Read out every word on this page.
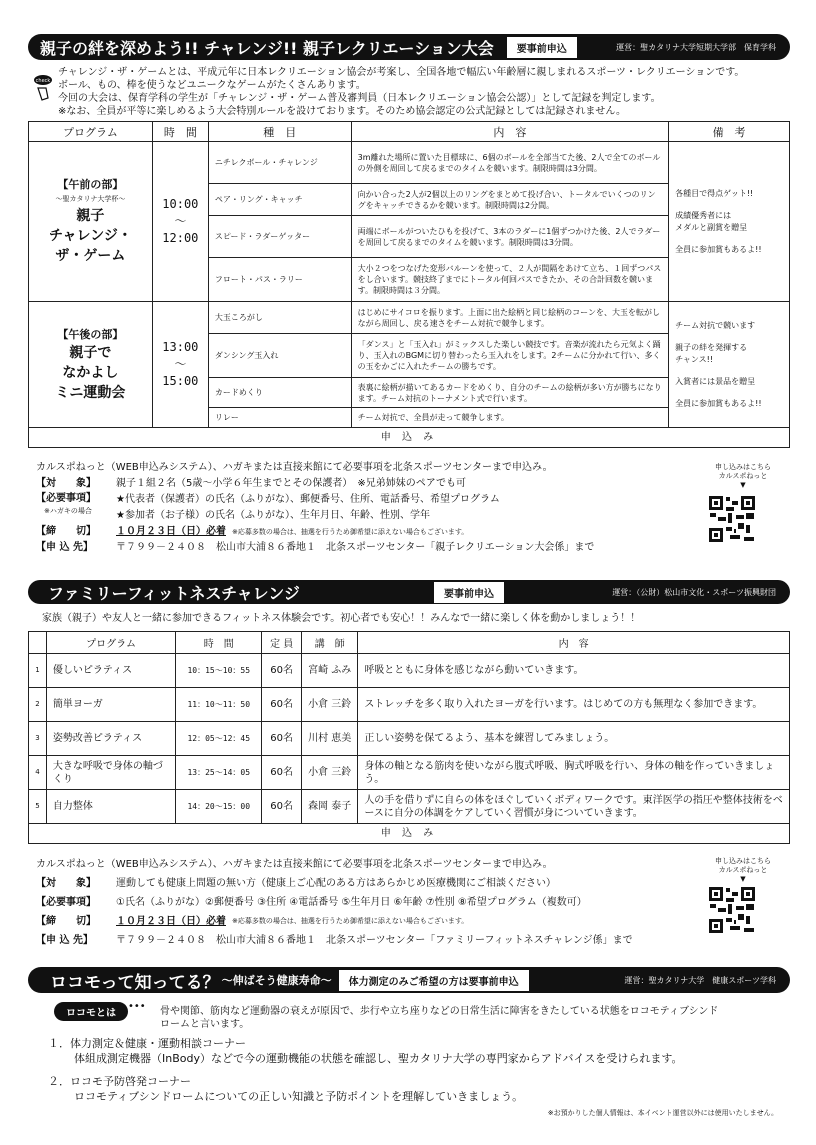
親子の絆を深めよう!! チャレンジ!! 親子レクリエーション大会	要事前申込	運営：聖カタリナ大学短期大学部　保育学科
check
チャレンジ・ザ・ゲームとは、平成元年に日本レクリエーション協会が考案し、全国各地で幅広い年齢層に親しまれるスポーツ・レクリエーションです。
ボール、もの、棒を使うなどユニークなゲームがたくさんあります。
今回の大会は、保育学科の学生が「チャレンジ・ザ・ゲーム普及審判員（日本レクリエーション協会公認）」として記録を判定します。
※なお、全員が平等に楽しめるよう大会特別ルールを設けております。そのため協会認定の公式記録としては記録されません。
プログラム	時　間	種　目	内　容	備　考

【午前の部】
～聖カタリナ大学杯～
親子
チャレンジ・
ザ・ゲーム	10:00
～
12:00	ニチレクボール・チャレンジ	3m離れた場所に置いた目標球に、6個のボールを全部当てた後、2人で全てのボールの外側を周回して戻るまでのタイムを競います。制限時間は3分間。	各種目で得点ゲット!!
成績優秀者には
メダルと副賞を贈呈
全員に参加賞もあるよ!!

		ペア・リング・キャッチ	向かい合った2人が2個以上のリングをまとめて投げ合い、トータルでいくつのリングをキャッチできるかを競います。制限時間は2分間。	
		スピード・ラダーゲッター	両端にボールがついたひもを投げて、3本のラダーに1個ずつかけた後、2人でラダーを周回して戻るまでのタイムを競います。制限時間は3分間。	
		フロート・パス・ラリー	大小２つをつなげた変形バルーンを使って、２人が間隔をあけて立ち、１回ずつパスをし合います。競技終了までにトータル何回パスできたか、その合計回数を競います。制限時間は３分間。	

【午後の部】
親子で
なかよし
ミニ運動会	13:00
～
15:00	大玉ころがし	はじめにサイコロを振ります。上面に出た絵柄と同じ絵柄のコーンを、大玉を転がしながら周回し、戻る速さをチーム対抗で競争します。	チーム対抗で競います
親子の絆を発揮する
チャンス!!
入賞者には景品を贈呈
全員に参加賞もあるよ!!

		ダンシング玉入れ	「ダンス」と「玉入れ」がミックスした楽しい競技です。音楽が流れたら元気よく踊り、玉入れのBGMに切り替わったら玉入れをします。2チームに分かれて行い、多くの玉をかごに入れたチームの勝ちです。	
		カードめくり	表裏に絵柄が描いてあるカードをめくり、自分のチームの絵柄が多い方が勝ちになります。チーム対抗のトーナメント式で行います。	
		リレー	チーム対抗で、全員が走って競争します。	
申 込 み				
カルスポねっと（WEB申込みシステム）、ハガキまたは直接来館にて必要事項を北条スポーツセンターまで申込み。
【対　　象】	親子１組２名（5歳～小学６年生までとその保護者）　※兄弟姉妹のペアでも可
【必要事項】
※ハガキの場合
★代表者（保護者）の氏名（ふりがな）、郵便番号、住所、電話番号、希望プログラム
★参加者（お子様）の氏名（ふりがな）、生年月日、年齢、性別、学年
【締　　切】	１０月２３日（日）必着 ※応募多数の場合は、抽選を行うため御希望に添えない場合もございます。
【申 込 先】	〒７９９－２４０８　松山市大浦８６番地１　北条スポーツセンター「親子レクリエーション大会係」まで
申し込みはこちら
カルスポねっと
▼
ファミリーフィットネスチャレンジ	要事前申込	運営：（公財）松山市文化・スポーツ振興財団
家族（親子）や友人と一緒に参加できるフィットネス体験会です。初心者でも安心！！みんなで一緒に楽しく体を動かしましょう！！
	プログラム	時　間	定 員	講　師	内　容
1	優しいピラティス	10：15～10：55	60名	宮崎 ふみ	呼吸とともに身体を感じながら動いていきます。
2	簡単ヨーガ	11：10～11：50	60名	小倉 三鈴	ストレッチを多く取り入れたヨーガを行います。はじめての方も無理なく参加できます。
3	姿勢改善ピラティス	12：05～12：45	60名	川村 恵美	正しい姿勢を保てるよう、基本を練習してみましょう。
4	大きな呼吸で身体の軸づくり	13：25～14：05	60名	小倉 三鈴	身体の軸となる筋肉を使いながら腹式呼吸、胸式呼吸を行い、身体の軸を作っていきましょう。
5	自力整体	14：20～15：00	60名	森岡 泰子	人の手を借りずに自らの体をほぐしていくボディワークです。東洋医学の指圧や整体技術をベースに自分の体調をケアしていく習慣が身についていきます。
申 込 み					
カルスポねっと（WEB申込みシステム）、ハガキまたは直接来館にて必要事項を北条スポーツセンターまで申込み。
【対　　象】	運動しても健康上問題の無い方（健康上ご心配のある方はあらかじめ医療機関にご相談ください）
【必要事項】	①氏名（ふりがな）②郵便番号 ③住所 ④電話番号 ⑤生年月日 ⑥年齢 ⑦性別 ⑧希望プログラム（複数可）
【締　　切】	１０月２３日（日）必着 ※応募多数の場合は、抽選を行うため御希望に添えない場合もございます。
【申 込 先】	〒７９９－２４０８　松山市大浦８６番地１　北条スポーツセンター「ファミリーフィットネスチャレンジ係」まで
申し込みはこちら
カルスポねっと
▼
ロコモって知ってる？ ～伸ばそう健康寿命～	体力測定のみご希望の方は要事前申込	運営：聖カタリナ大学　健康スポーツ学科
ロコモとは
••• 骨や関節、筋肉など運動器の衰えが原因で、歩行や立ち座りなどの日常生活に障害をきたしている状態をロコモティブシンド
ロームと言います。
１．体力測定＆健康・運動相談コーナー
体組成測定機器（InBody）などで今の運動機能の状態を確認し、聖カタリナ大学の専門家からアドバイスを受けられます。
２．ロコモ予防啓発コーナー
ロコモティブシンドロームについての正しい知識と予防ポイントを理解していきましょう。
※お預かりした個人情報は、本イベント運営以外には使用いたしません。
